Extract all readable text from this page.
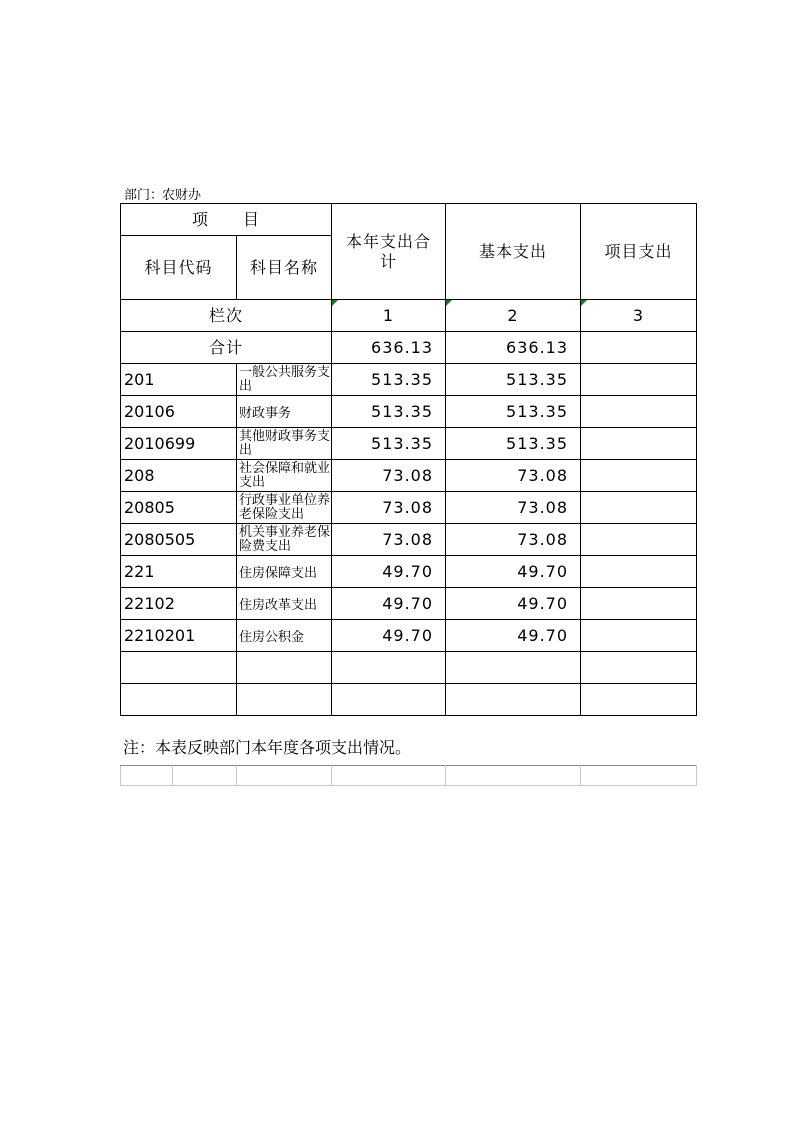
部门：
农财办
项　　目		本年支出合计	基本支出	项目支出
科目代码	科目名称			
栏次		1	2	3
合计		636.13	636.13	
201	一般公共服务支出	513.35	513.35	
20106	财政事务	513.35	513.35	
2010699	其他财政事务支出	513.35	513.35	
208	社会保障和就业支出	73.08	73.08	
20805	行政事业单位养老保险支出	73.08	73.08	
2080505	机关事业养老保险费支出	73.08	73.08	
221	住房保障支出	49.70	49.70	
22102	住房改革支出	49.70	49.70	
2210201	住房公积金	49.70	49.70	

注：本表反映部门本年度各项支出情况。
